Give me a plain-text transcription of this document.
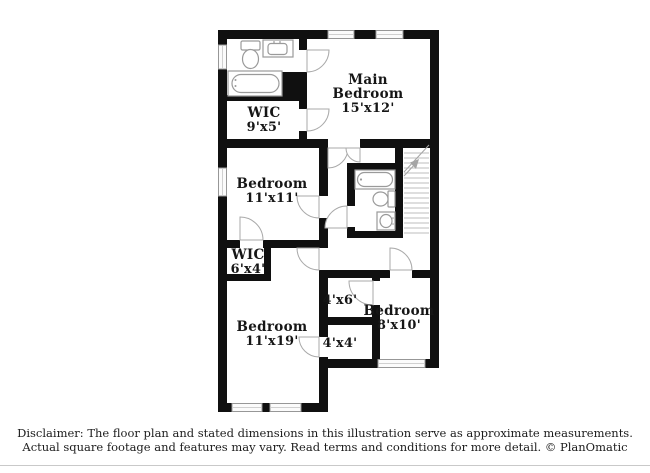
Main Bedroom 15'x12'
WIC 9'x5'
Bedroom 11'x11'
WIC 6'x4'
Bedroom 11'x19'
4'x6'
4'x4'
Bedroom 8'x10'
Disclaimer: The floor plan and stated dimensions in this illustration serve as approximate measurements.
Actual square footage and features may vary. Read terms and conditions for more detail. © PlanOmatic
